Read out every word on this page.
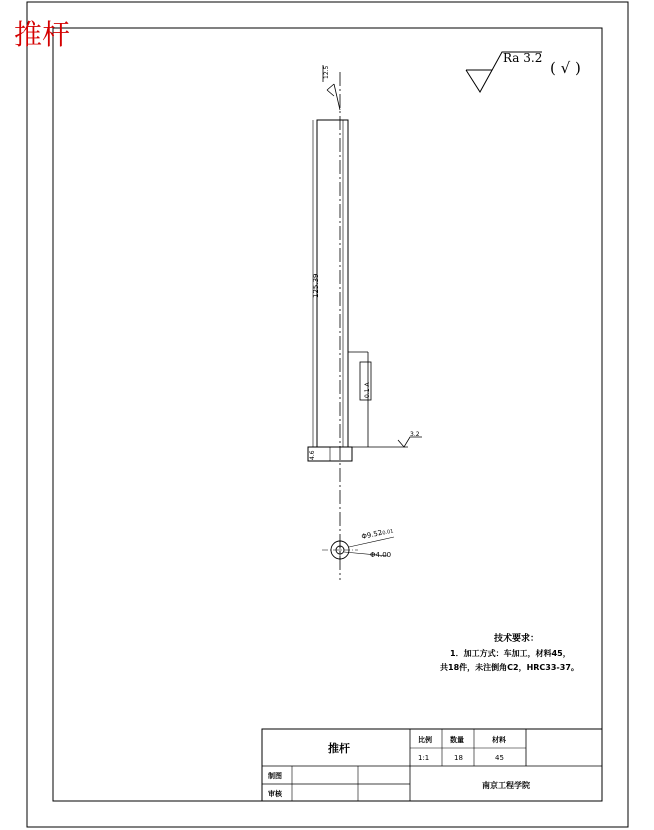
推杆
Ra 3.2
( √ )
12.5
125.39
4.6
0.1 A
3.2
Φ9.52
-0.01
Φ4.00
技术要求：
1．加工方式：车加工，材料45，
共18件，未注倒角C2，HRC33-37。
推杆
比例	数量	材料
1:1	18	45
制图
审核
南京工程学院
